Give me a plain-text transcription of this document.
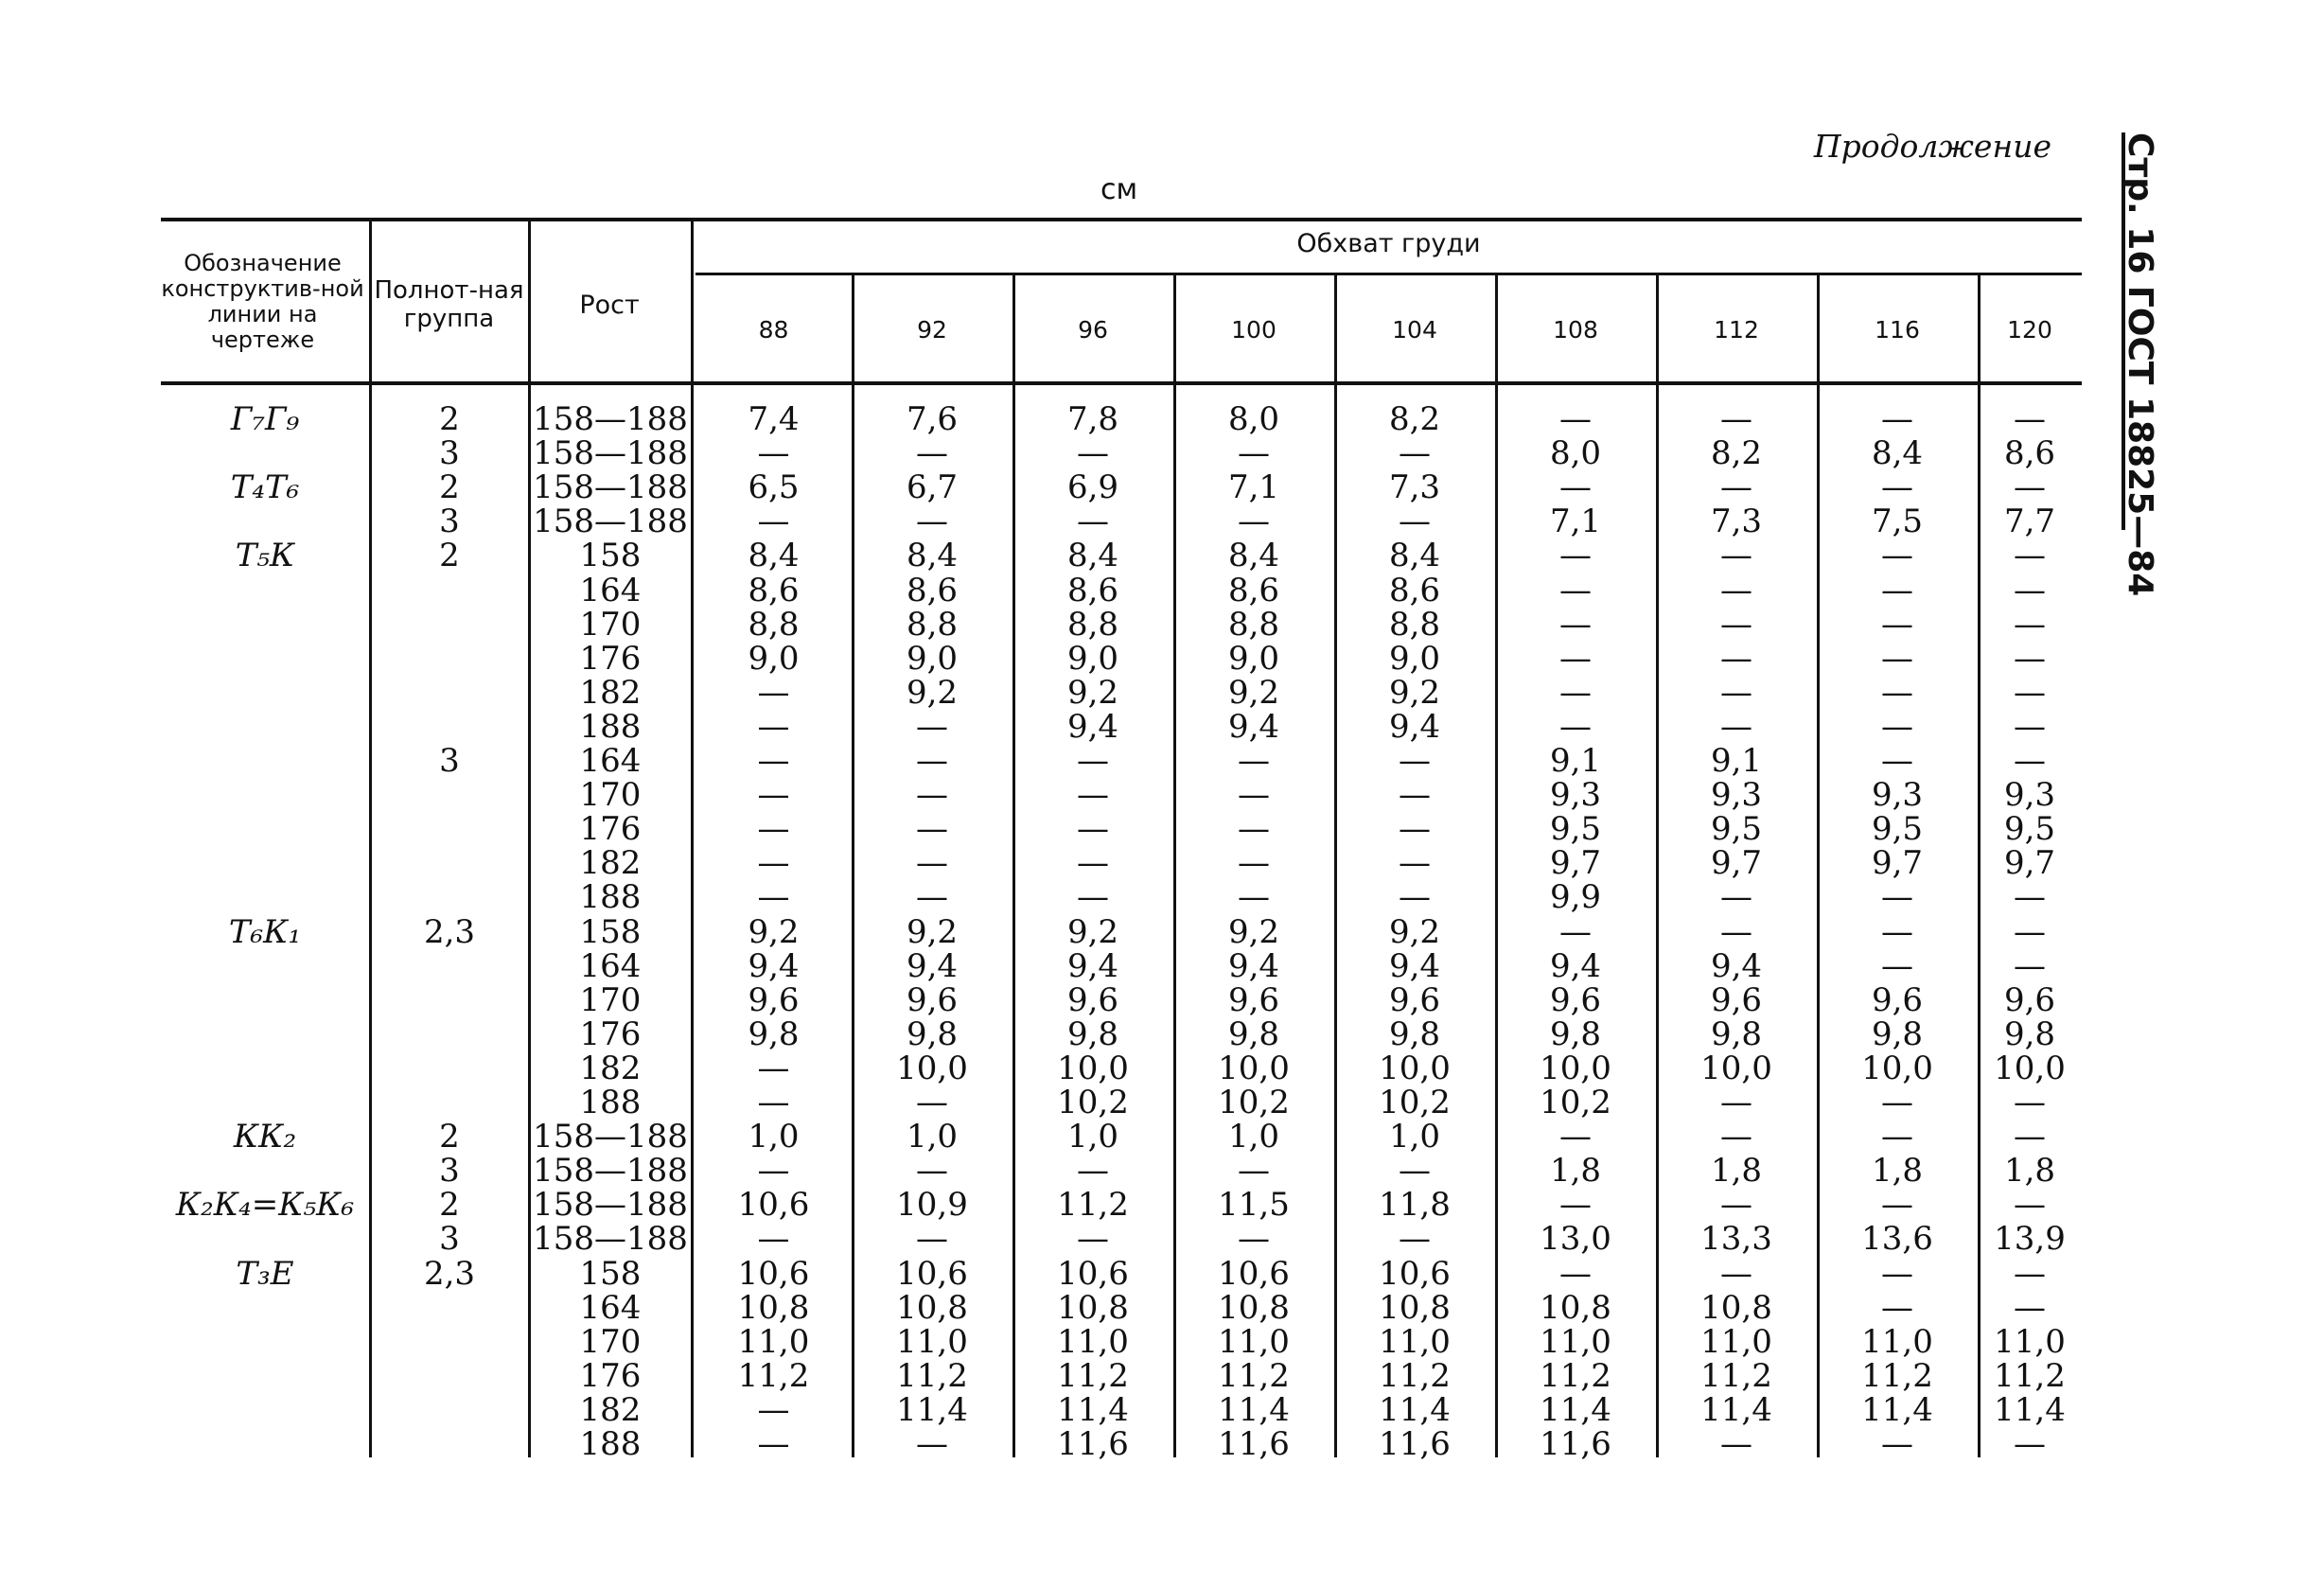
Продолжение
см	Стр. 16 ГОСТ 18825—84
Обозначение конструктив-ной линии на чертеже
Полнот-ная группа	Рост
Обхват груди
88	92	96	100	104	108	112	116	120
Г₇Г₉	2	158—188	7,4	7,6	7,8	8,0	8,2	—	—	—	—
3	158—188	—	—	—	—	—	8,0	8,2	8,4	8,6
Т₄Т₆	2	158—188	6,5	6,7	6,9	7,1	7,3	—	—	—	—
3	158—188	—	—	—	—	—	7,1	7,3	7,5	7,7
Т₅К	2	158	8,4	8,4	8,4	8,4	8,4	—	—	—	—
164	8,6	8,6	8,6	8,6	8,6	—	—	—	—
170	8,8	8,8	8,8	8,8	8,8	—	—	—	—
176	9,0	9,0	9,0	9,0	9,0	—	—	—	—
182	—	9,2	9,2	9,2	9,2	—	—	—	—
188	—	—	9,4	9,4	9,4	—	—	—	—
3	164	—	—	—	—	—	9,1	9,1	—	—
170	—	—	—	—	—	9,3	9,3	9,3	9,3
176	—	—	—	—	—	9,5	9,5	9,5	9,5
182	—	—	—	—	—	9,7	9,7	9,7	9,7
188	—	—	—	—	—	9,9	—	—	—
Т₆К₁	2,3	158	9,2	9,2	9,2	9,2	9,2	—	—	—	—
164	9,4	9,4	9,4	9,4	9,4	9,4	9,4	—	—
170	9,6	9,6	9,6	9,6	9,6	9,6	9,6	9,6	9,6
176	9,8	9,8	9,8	9,8	9,8	9,8	9,8	9,8	9,8
182	—	10,0	10,0	10,0	10,0	10,0	10,0	10,0	10,0
188	—	—	10,2	10,2	10,2	10,2	—	—	—
КК₂	2	158—188	1,0	1,0	1,0	1,0	1,0	—	—	—	—
3	158—188	—	—	—	—	—	1,8	1,8	1,8	1,8
К₂К₄=К₅К₆	2	158—188	10,6	10,9	11,2	11,5	11,8	—	—	—	—
3	158—188	—	—	—	—	—	13,0	13,3	13,6	13,9
Т₃Е	2,3	158	10,6	10,6	10,6	10,6	10,6	—	—	—	—
164	10,8	10,8	10,8	10,8	10,8	10,8	10,8	—	—
170	11,0	11,0	11,0	11,0	11,0	11,0	11,0	11,0	11,0
176	11,2	11,2	11,2	11,2	11,2	11,2	11,2	11,2	11,2
182	—	11,4	11,4	11,4	11,4	11,4	11,4	11,4	11,4
188	—	—	11,6	11,6	11,6	11,6	—	—	—
